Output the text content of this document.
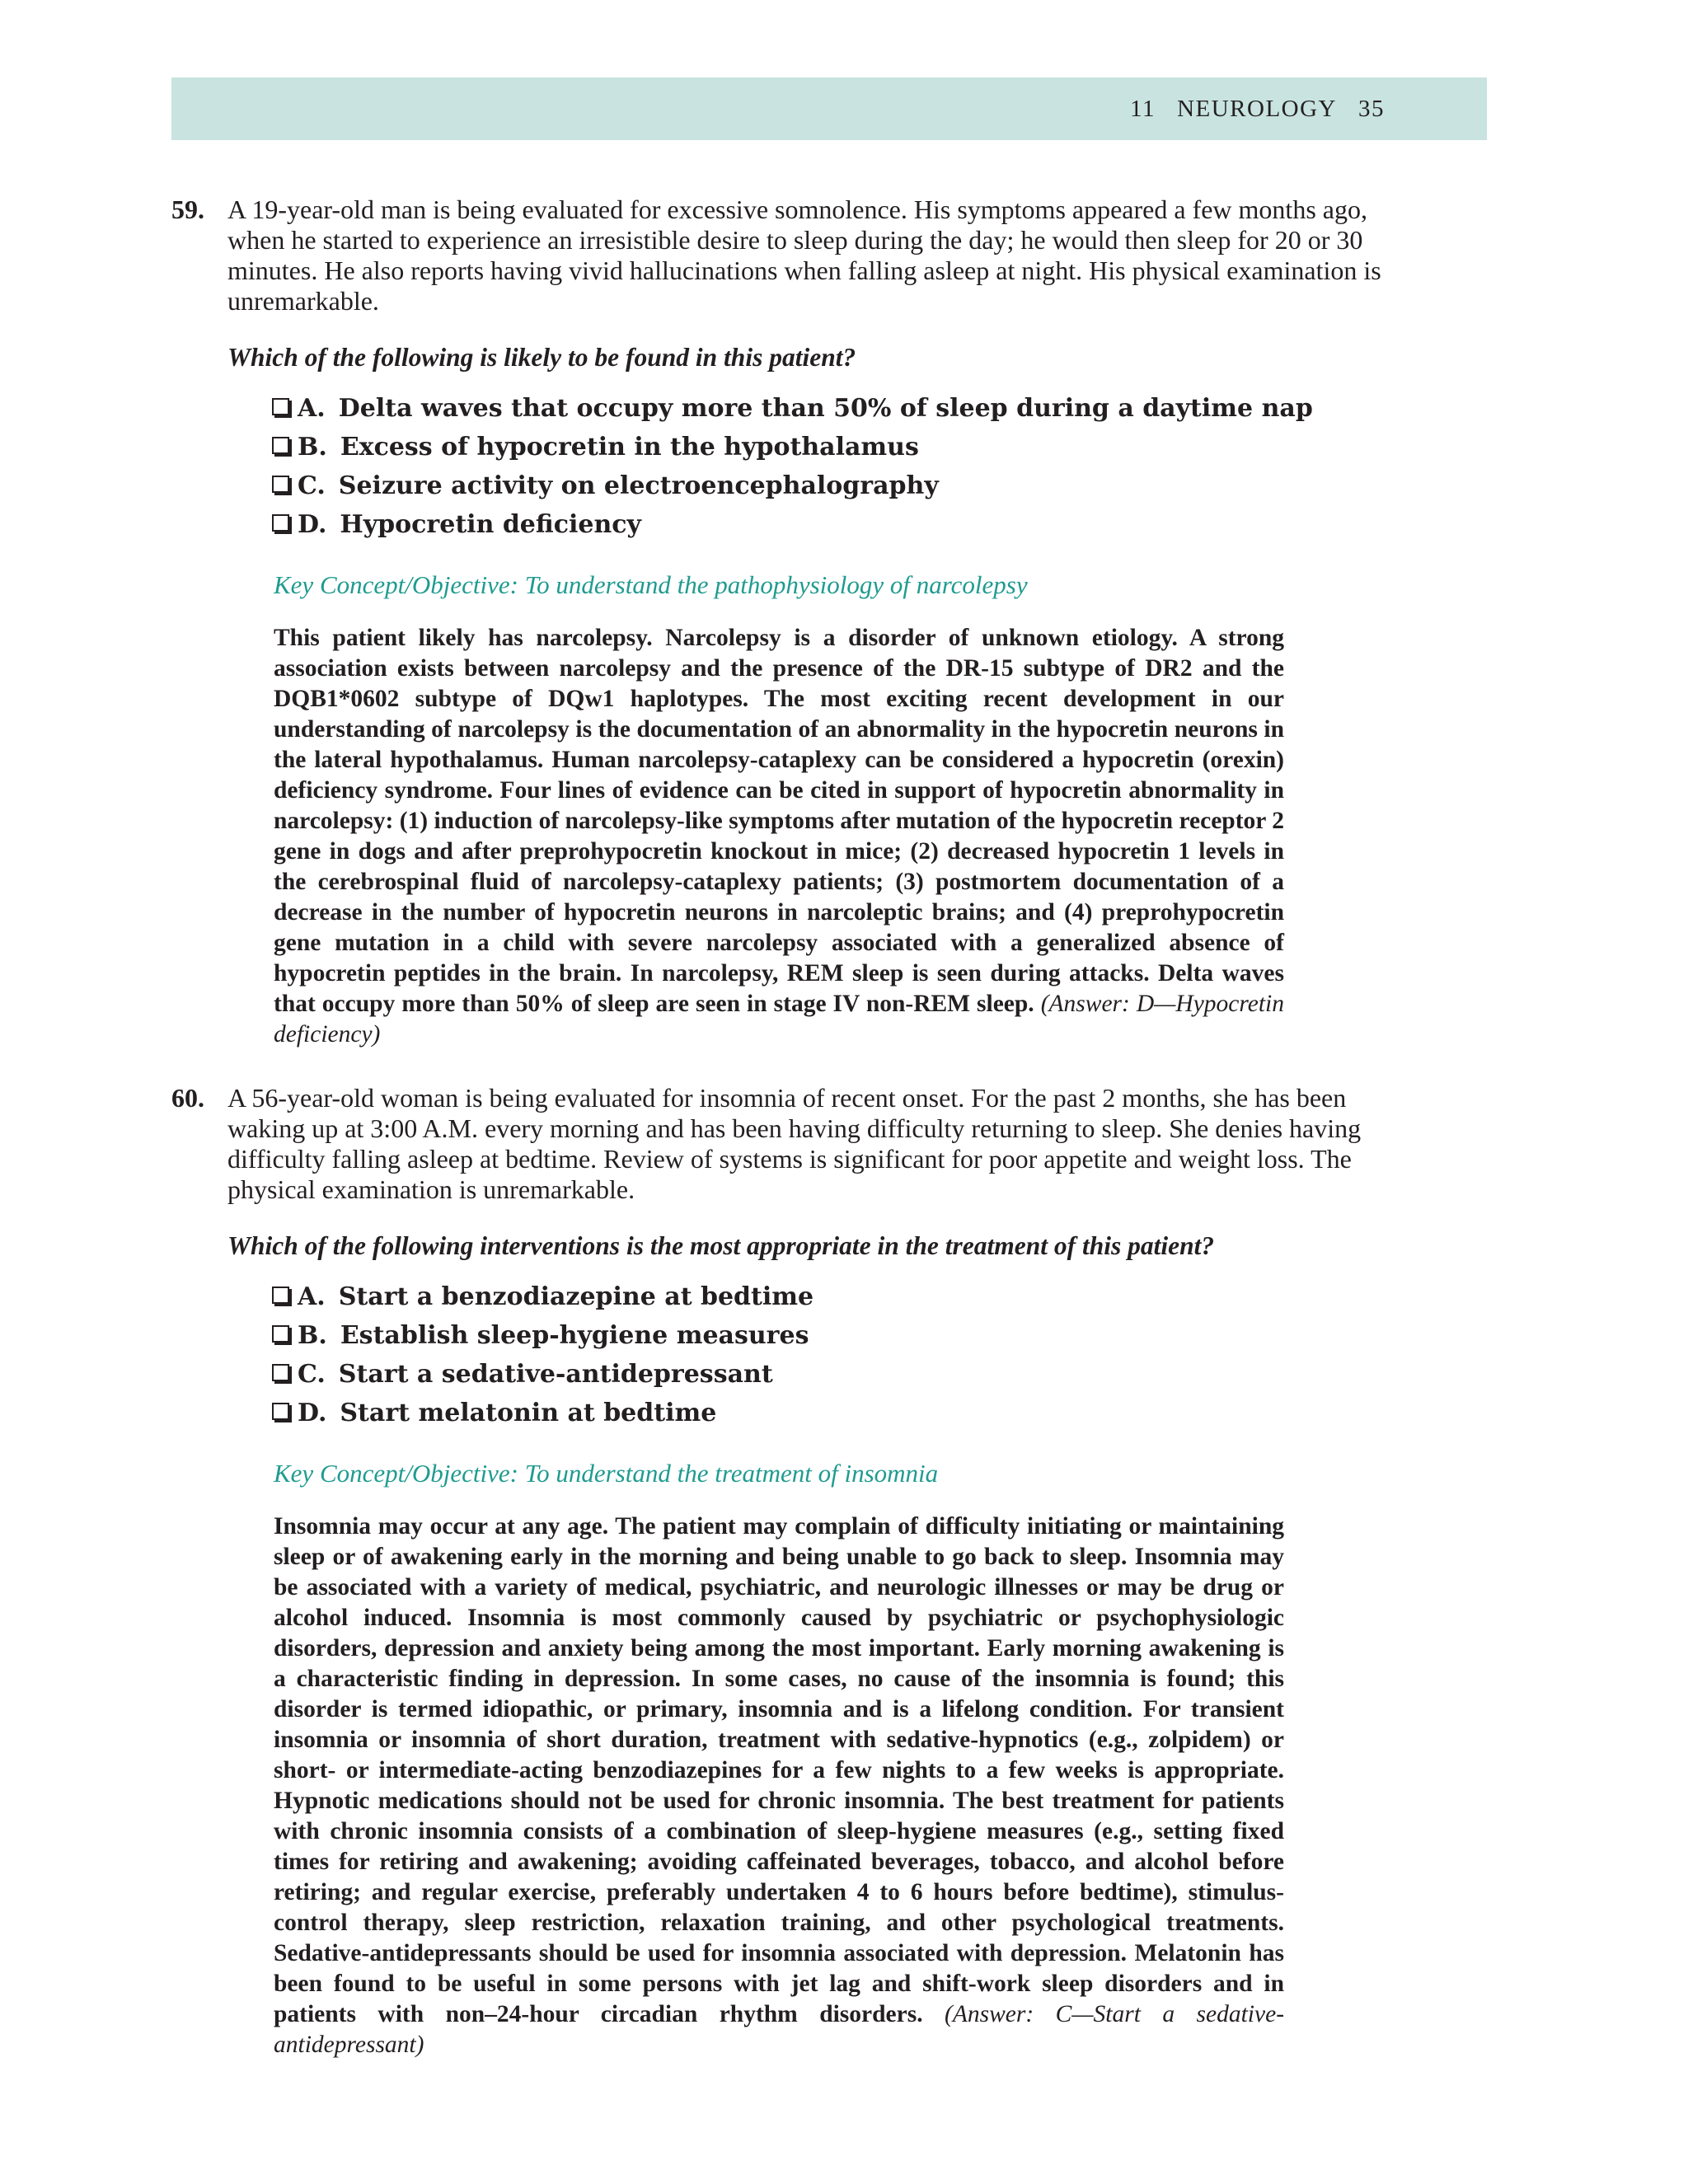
11 NEUROLOGY 35
59. A 19-year-old man is being evaluated for excessive somnolence. His symptoms appeared a few months ago, when he started to experience an irresistible desire to sleep during the day; he would then sleep for 20 or 30 minutes. He also reports having vivid hallucinations when falling asleep at night. His physical examination is unremarkable.
Which of the following is likely to be found in this patient?
A. Delta waves that occupy more than 50% of sleep during a daytime nap
B. Excess of hypocretin in the hypothalamus
C. Seizure activity on electroencephalography
D. Hypocretin deficiency
Key Concept/Objective: To understand the pathophysiology of narcolepsy
This patient likely has narcolepsy. Narcolepsy is a disorder of unknown etiology. A strong association exists between narcolepsy and the presence of the DR-15 subtype of DR2 and the DQB1*0602 subtype of DQw1 haplotypes. The most exciting recent development in our understanding of narcolepsy is the documentation of an abnormality in the hypocretin neurons in the lateral hypothalamus. Human narcolepsy-cataplexy can be considered a hypocretin (orexin) deficiency syndrome. Four lines of evidence can be cited in support of hypocretin abnormality in narcolepsy: (1) induction of narcolepsy-like symptoms after mutation of the hypocretin receptor 2 gene in dogs and after preprohypocretin knockout in mice; (2) decreased hypocretin 1 levels in the cerebrospinal fluid of narcolepsy-cataplexy patients; (3) postmortem documentation of a decrease in the number of hypocretin neurons in narcoleptic brains; and (4) preprohypocretin gene mutation in a child with severe narcolepsy associated with a generalized absence of hypocretin peptides in the brain. In narcolepsy, REM sleep is seen during attacks. Delta waves that occupy more than 50% of sleep are seen in stage IV non-REM sleep. (Answer: D—Hypocretin deficiency)
60. A 56-year-old woman is being evaluated for insomnia of recent onset. For the past 2 months, she has been waking up at 3:00 A.M. every morning and has been having difficulty returning to sleep. She denies having difficulty falling asleep at bedtime. Review of systems is significant for poor appetite and weight loss. The physical examination is unremarkable.
Which of the following interventions is the most appropriate in the treatment of this patient?
A. Start a benzodiazepine at bedtime
B. Establish sleep-hygiene measures
C. Start a sedative-antidepressant
D. Start melatonin at bedtime
Key Concept/Objective: To understand the treatment of insomnia
Insomnia may occur at any age. The patient may complain of difficulty initiating or maintaining sleep or of awakening early in the morning and being unable to go back to sleep. Insomnia may be associated with a variety of medical, psychiatric, and neurologic illnesses or may be drug or alcohol induced. Insomnia is most commonly caused by psychiatric or psychophysiologic disorders, depression and anxiety being among the most important. Early morning awakening is a characteristic finding in depression. In some cases, no cause of the insomnia is found; this disorder is termed idiopathic, or primary, insomnia and is a lifelong condition. For transient insomnia or insomnia of short duration, treatment with sedative-hypnotics (e.g., zolpidem) or short- or intermediate-acting benzodiazepines for a few nights to a few weeks is appropriate. Hypnotic medications should not be used for chronic insomnia. The best treatment for patients with chronic insomnia consists of a combination of sleep-hygiene measures (e.g., setting fixed times for retiring and awakening; avoiding caffeinated beverages, tobacco, and alcohol before retiring; and regular exercise, preferably undertaken 4 to 6 hours before bedtime), stimulus-control therapy, sleep restriction, relaxation training, and other psychological treatments. Sedative-antidepressants should be used for insomnia associated with depression. Melatonin has been found to be useful in some persons with jet lag and shift-work sleep disorders and in patients with non–24-hour circadian rhythm disorders. (Answer: C—Start a sedative-antidepressant)
